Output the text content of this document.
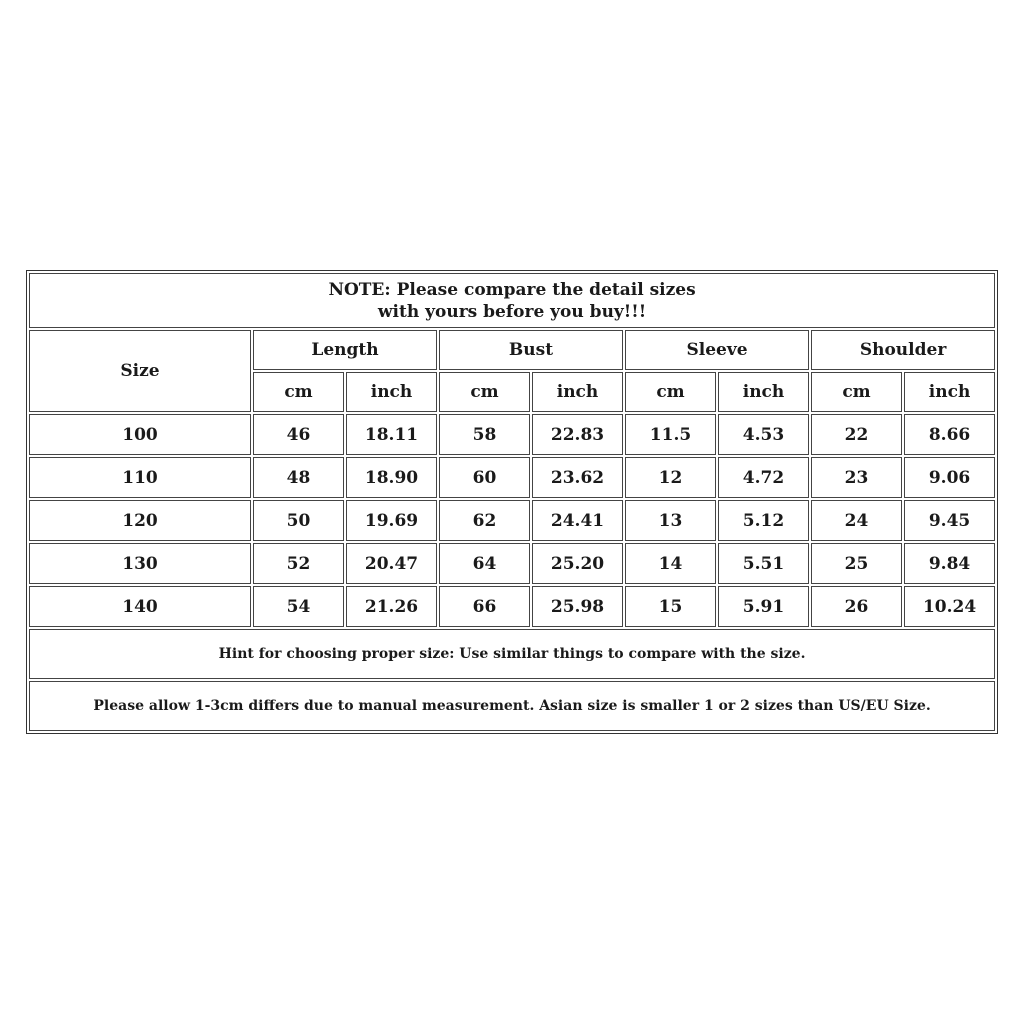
NOTE: Please compare the detail sizes
with yours before you buy!!!								

Size	Length		Bust		Sleeve		Shoulder	
	cm	inch	cm	inch	cm	inch	cm	inch
100	46	18.11	58	22.83	11.5	4.53	22	8.66
110	48	18.90	60	23.62	12	4.72	23	9.06
120	50	19.69	62	24.41	13	5.12	24	9.45
130	52	20.47	64	25.20	14	5.51	25	9.84
140	54	21.26	66	25.98	15	5.91	26	10.24
Hint for choosing proper size: Use similar things to compare with the size.								
Please allow 1-3cm differs due to manual measurement. Asian size is smaller 1 or 2 sizes than US/EU Size.								
